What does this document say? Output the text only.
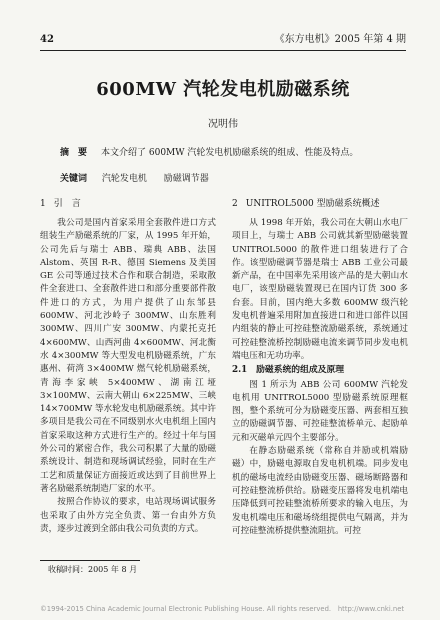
42	《东方电机》2005 年第 4 期
600MW 汽轮发电机励磁系统
况明伟
摘　要 本文介绍了 600MW 汽轮发电机励磁系统的组成、性能及特点。
关键词 汽轮发电机 励磁调节器
1 引　言

我公司是国内首家采用全套散件进口方式组装生产励磁系统的厂家，从 1995 年开始，公司先后与瑞士 ABB、瑞典 ABB、法国 Alstom、英国 R-R、德国 Siemens 及美国 GE 公司等通过技术合作和联合制造，采取散件全套进口、全套散件进口和部分重要部件散件进口的方式，为用户提供了山东邹县 600MW、河北沙岭子 300MW、山东胜利 300MW、四川广安 300MW、内蒙托克托 4×600MW、山西河曲 4×600MW、河北衡水 4×300MW 等大型发电机励磁系统，广东惠州、荷湾 3×400MW 燃气轮机励磁系统，青海李家峡 5×400MW、湖南江垭 3×100MW、云南大朝山 6×225MW、三峡 14×700MW 等水轮发电机励磁系统。其中许多项目是我公司在不同级别水火电机组上国内首家采取这种方式进行生产的。经过十年与国外公司的紧密合作，我公司积累了大量的励磁系统设计、制造和现场调试经验，同时在生产工艺和质量保证方面接近或达到了目前世界上著名励磁系统制造厂家的水平。

按照合作协议的要求，电站现场调试服务也采取了由外方完全负责、第一台由外方负责，逐步过渡到全部由我公司负责的方式。

2 UNITROL5000 型励磁系统概述

从 1998 年开始，我公司在大朝山水电厂项目上，与瑞士 ABB 公司就其新型励磁装置 UNITROL5000 的散件进口组装进行了合作。该型励磁调节器是瑞士 ABB 工业公司最新产品，在中国率先采用该产品的是大朝山水电厂，该型励磁装置现已在国内订货 300 多台套。目前，国内绝大多数 600MW 级汽轮发电机普遍采用附加直接进口和进口部件以国内组装的静止可控硅整流励磁系统，系统通过可控硅整流桥控制励磁电流来调节同步发电机端电压和无功功率。

2.1　励磁系统的组成及原理

图 1 所示为 ABB 公司 600MW 汽轮发电机用 UNITROL5000 型励磁系统原理框图，整个系统可分为励磁变压器、两套相互独立的励磁调节器、可控硅整流桥单元、起励单元和灭磁单元四个主要部分。

在静态励磁系统（常称自并励或机端励磁）中，励磁电源取自发电机机端。同步发电机的磁场电流经由励磁变压器、磁场断路器和可控硅整流桥供给。励磁变压器将发电机端电压降低到可控硅整流桥所要求的输入电压，为发电机端电压和磁场绕组提供电气隔离，并为可控硅整流桥提供整流阻抗。可控

收稿时间：2005 年 8 月
©1994-2015 China Academic Journal Electronic Publishing House. All rights reserved.　http://www.cnki.net
